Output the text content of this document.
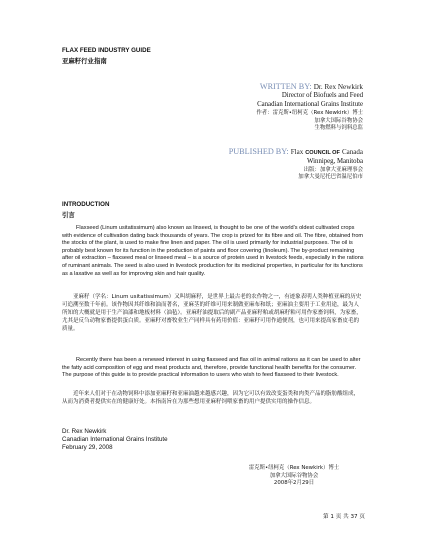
FLAX FEED INDUSTRY GUIDE
亚麻籽行业指南
WRITTEN BY: Dr. Rex Newkirk
Director of Biofuels and Feed
Canadian International Grains Institute
作者：雷克斯•纽柯克（Rex Newkirk）博士
加拿大国际谷物协会
生物燃料与饲料总监
PUBLISHED BY: Flax COUNCIL OF Canada
Winnipeg, Manitoba
出版：加拿大亚麻理事会
加拿大曼尼托巴省温尼伯市
INTRODUCTION
引言
Flaxseed (Linum usitatissimum) also known as linseed, is thought to be one of the world's oldest cultivated crops with evidence of cultivation dating back thousands of years. The crop is prized for its fibre and oil. The fibre, obtained from the stocks of the plant, is used to make fine linen and paper. The oil is used primarily for industrial purposes. The oil is probably best known for its function in the production of paints and floor covering (linoleum). The by-product remaining after oil extraction – flaxseed meal or linseed meal – is a source of protein used in livestock feeds, especially in the rations of ruminant animals. The seed is also used in livestock production for its medicinal properties, in particular for its functions as a laxative as well as for improving skin and hair quality.
亚麻籽（学名：Linum usitatissimum）又叫胡麻籽，是世界上最古老的农作物之一，有迹象表明人类种植亚麻的历史可追溯至数千年前。该作物因其纤维和油而著名，亚麻茎的纤维可用来制做亚麻布和纸；亚麻油主要用于工业用途，最为人所知的大概就是用于生产油漆和地板材料（油毡）。亚麻籽油提取后的副产品亚麻籽粕或胡麻籽粕可用作家畜饲料，为家畜，尤其是反刍动物家畜提供蛋白质。亚麻籽对畜牧业生产同样具有药用价值：亚麻籽可用作通便剂，也可用来提高家畜皮毛的质量。
Recently there has been a renewed interest in using flaxseed and flax oil in animal rations as it can be used to alter the fatty acid composition of egg and meat products and, therefore, provide functional health benefits for the consumer. The purpose of this guide is to provide practical information to users who wish to feed flaxseed to their livestock.
近年来人们对于在动物饲料中添加亚麻籽和亚麻油越来越感兴趣，因为它可以有效改变蛋类和肉类产品的脂肪酸组成，从而为消费者提供实在的健康好处。本指南旨在为那些想用亚麻籽饲喂家畜的用户提供实用的操作信息。
Dr. Rex Newkirk
Canadian International Grains Institute
February 29, 2008
雷克斯•纽柯克（Rex Newkirk）博士
加拿大国际谷物协会
2008年2月29日
第 1 页 共 37 页
